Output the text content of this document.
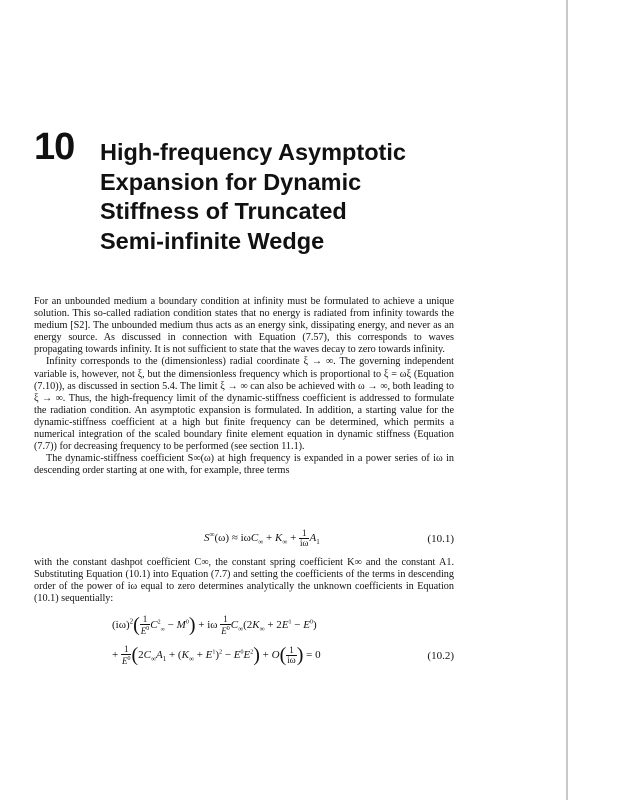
10 High-frequency Asymptotic
Expansion for Dynamic
Stiffness of Truncated
Semi-infinite Wedge

For an unbounded medium a boundary condition at infinity must be formulated to achieve a unique solution. This so-called radiation condition states that no energy is radiated from infinity towards the medium [S2]. The unbounded medium thus acts as an energy sink, dissipating energy, and never as an energy source. As discussed in connection with Equation (7.57), this corresponds to waves propagating towards infinity. It is not sufficient to state that the waves decay to zero towards infinity.

Infinity corresponds to the (dimensionless) radial coordinate ξ → ∞. The governing independent variable is, however, not ξ, but the dimensionless frequency which is proportional to ξ = ωξ (Equation (7.10)), as discussed in section 5.4. The limit ξ → ∞ can also be achieved with ω → ∞, both leading to ξ → ∞. Thus, the high-frequency limit of the dynamic-stiffness coefficient is addressed to formulate the radiation condition. An asymptotic expansion is formulated. In addition, a starting value for the dynamic-stiffness coefficient at a high but finite frequency can be determined, which permits a numerical integration of the scaled boundary finite element equation in dynamic stiffness (Equation (7.7)) for decreasing frequency to be performed (see section 11.1).

The dynamic-stiffness coefficient S∞(ω) at high frequency is expanded in a power series of iω in descending order starting at one with, for example, three terms

$S^\infty(\omega) \approx i\omega C_\infty + K_\infty + \frac{1}{i\omega} A_1$	(10.1)

with the constant dashpot coefficient C∞, the constant spring coefficient K∞ and the constant A1. Substituting Equation (10.1) into Equation (7.7) and setting the coefficients of the terms in descending order of the power of iω equal to zero determines analytically the unknown coefficients in Equation (10.1) sequentially:

$(i\omega)^2( \frac{1}{E^0} C^2_\infty - M^0) + i\omega \frac{1}{E^0} C_\infty(2K_\infty + 2E^1 - E^0)$
+ $\frac{1}{E^0} (2C_\infty A_1 + (K_\infty + E^1)^2 - E^0E^2) + O( \frac{1}{i\omega}$ ) = 0	(10.2)
